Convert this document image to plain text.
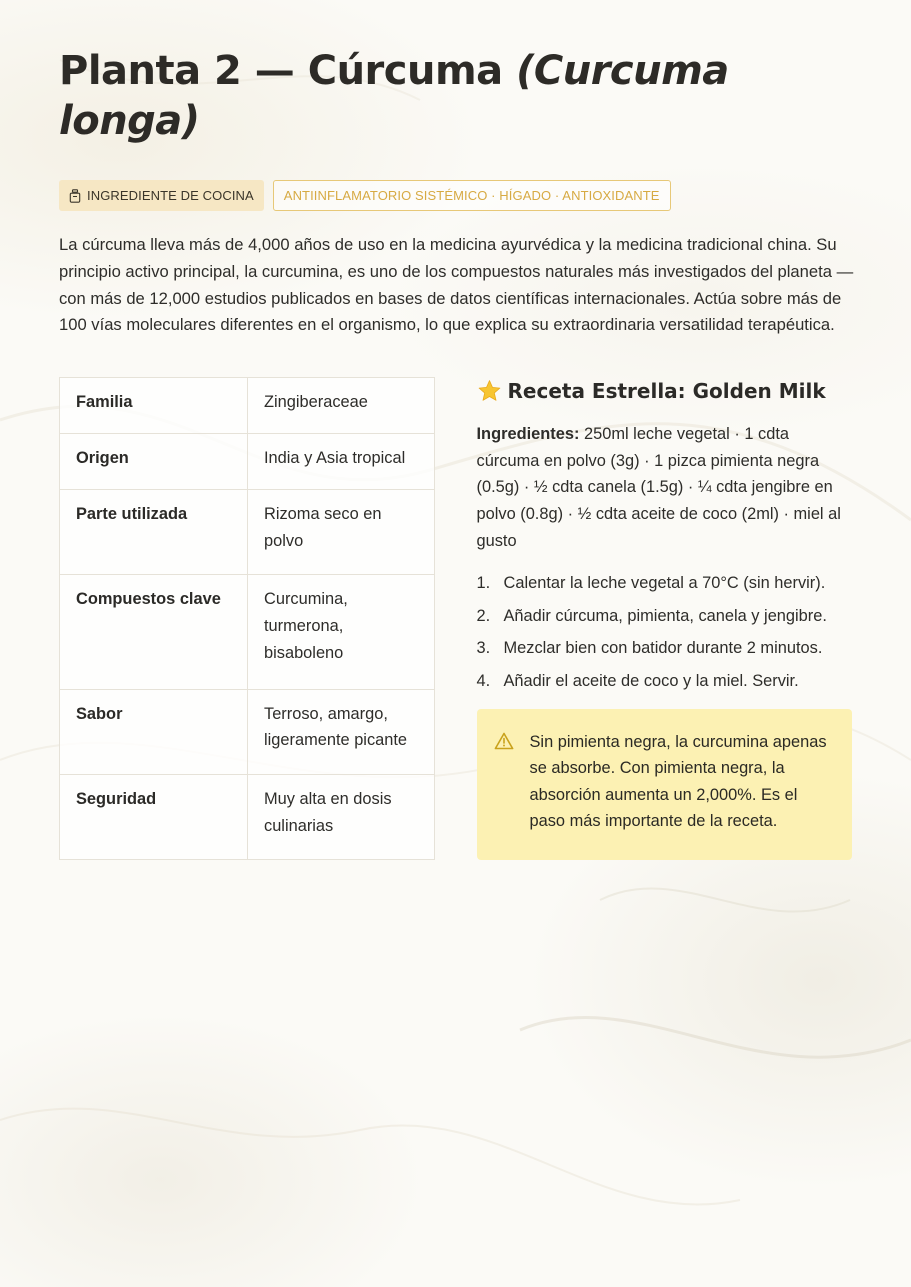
Planta 2 — Cúrcuma (Curcuma longa)
INGREDIENTE DE COCINA	ANTIINFLAMATORIO SISTÉMICO · HÍGADO · ANTIOXIDANTE

La cúrcuma lleva más de 4,000 años de uso en la medicina ayurvédica y la medicina tradicional china. Su principio activo principal, la curcumina, es uno de los compuestos naturales más investigados del planeta —con más de 12,000 estudios publicados en bases de datos científicas internacionales. Actúa sobre más de 100 vías moleculares diferentes en el organismo, lo que explica su extraordinaria versatilidad terapéutica.

Familia	Zingiberaceae
Origen	India y Asia tropical
Parte utilizada	Rizoma seco en polvo
Compuestos clave	Curcumina, turmerona, bisaboleno
Sabor	Terroso, amargo, ligeramente picante
Seguridad	Muy alta en dosis culinarias
Receta Estrella: Golden Milk
Ingredientes: 250ml leche vegetal · 1 cdta cúrcuma en polvo (3g) · 1 pizca pimienta negra (0.5g) · ½ cdta canela (1.5g) · ¼ cdta jengibre en polvo (0.8g) · ½ cdta aceite de coco (2ml) · miel al gusto
1. Calentar la leche vegetal a 70°C (sin hervir).
2. Añadir cúrcuma, pimienta, canela y jengibre.
3. Mezclar bien con batidor durante 2 minutos.
4. Añadir el aceite de coco y la miel. Servir.
Sin pimienta negra, la curcumina apenas se absorbe. Con pimienta negra, la absorción aumenta un 2,000%. Es el paso más importante de la receta.
